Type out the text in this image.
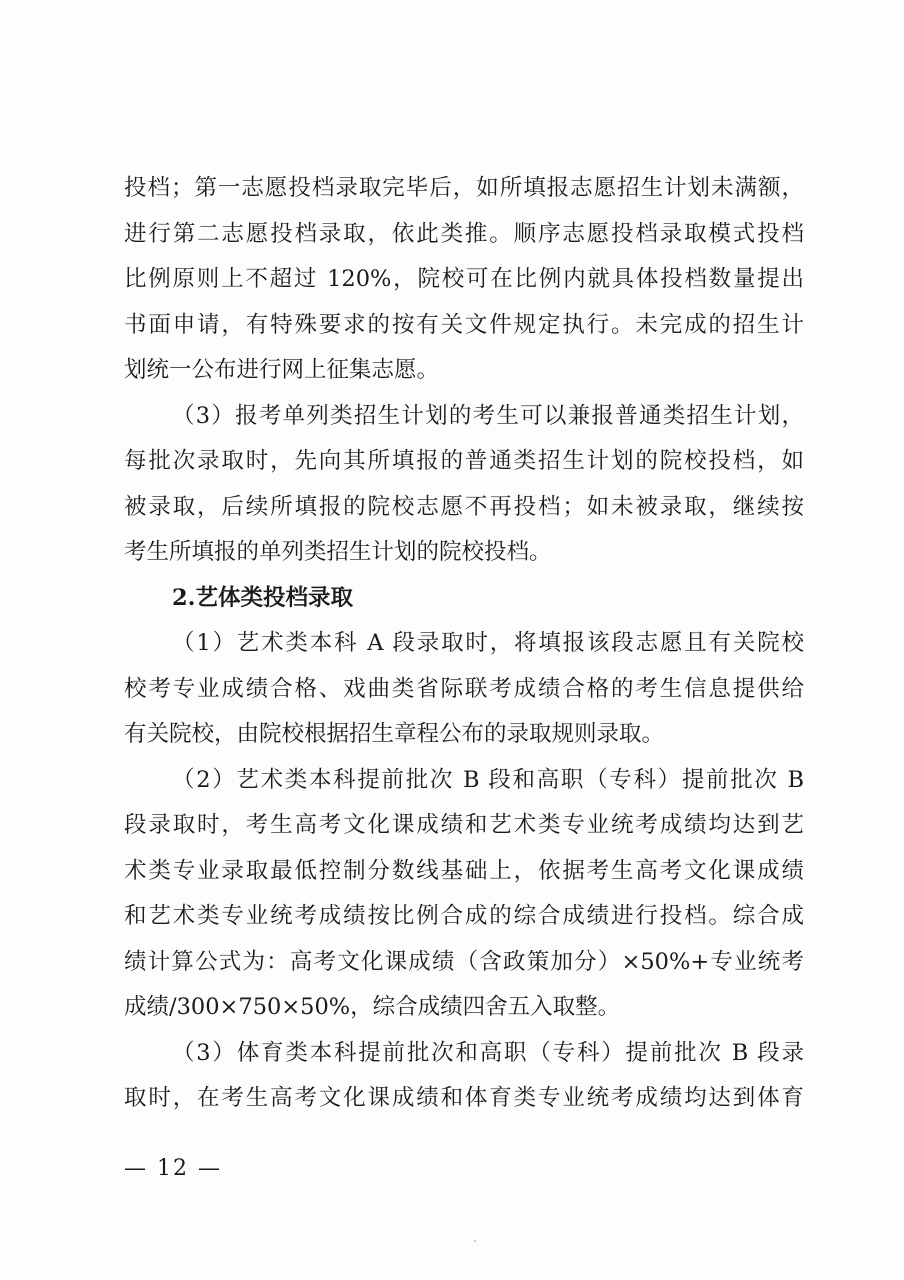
投档；第一志愿投档录取完毕后，如所填报志愿招生计划未满额，
进行第二志愿投档录取，依此类推。顺序志愿投档录取模式投档
比例原则上不超过 120%，院校可在比例内就具体投档数量提出
书面申请，有特殊要求的按有关文件规定执行。未完成的招生计
划统一公布进行网上征集志愿。
（3）报考单列类招生计划的考生可以兼报普通类招生计划，
每批次录取时，先向其所填报的普通类招生计划的院校投档，如
被录取，后续所填报的院校志愿不再投档；如未被录取，继续按
考生所填报的单列类招生计划的院校投档。
2.艺体类投档录取
（1）艺术类本科 A 段录取时，将填报该段志愿且有关院校
校考专业成绩合格、戏曲类省际联考成绩合格的考生信息提供给
有关院校，由院校根据招生章程公布的录取规则录取。
（2）艺术类本科提前批次 B 段和高职（专科）提前批次 B
段录取时，考生高考文化课成绩和艺术类专业统考成绩均达到艺
术类专业录取最低控制分数线基础上，依据考生高考文化课成绩
和艺术类专业统考成绩按比例合成的综合成绩进行投档。综合成
绩计算公式为：高考文化课成绩（含政策加分）×50%+专业统考
成绩/300×750×50%，综合成绩四舍五入取整。
（3）体育类本科提前批次和高职（专科）提前批次 B 段录
取时，在考生高考文化课成绩和体育类专业统考成绩均达到体育
— 12 —
